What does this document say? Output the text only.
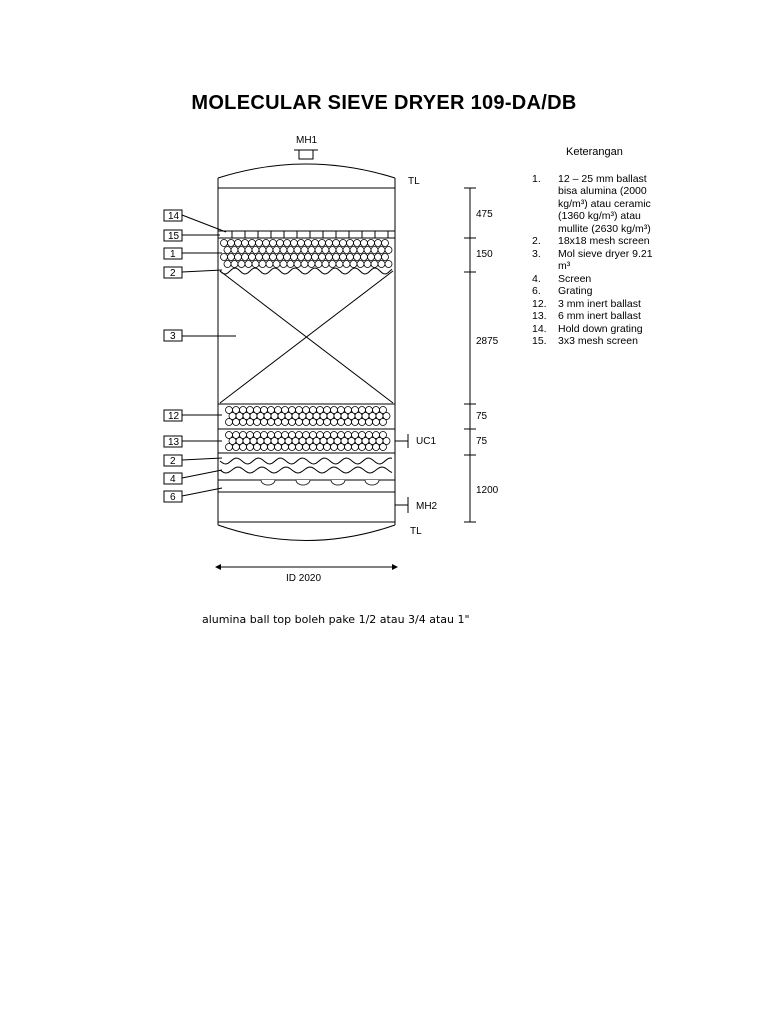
MOLECULAR SIEVE DRYER 109-DA/DB
MH1
UC1
MH2
TL
TL
475
150
2875
75
75
1200
ID 2020
14
15
1
2
3
12
13
2
4
6
Keterangan
1.	12 – 25 mm ballast
bisa alumina (2000
kg/m³) atau ceramic
(1360 kg/m³) atau
mullite (2630 kg/m³)
2.	18x18 mesh screen
3.	Mol sieve dryer 9.21
m³
4.	Screen
6.	Grating
12.	3 mm inert ballast
13.	6 mm inert ballast
14.	Hold down grating
15.	3x3 mesh screen
alumina ball top boleh pake 1/2 atau 3/4 atau 1"
